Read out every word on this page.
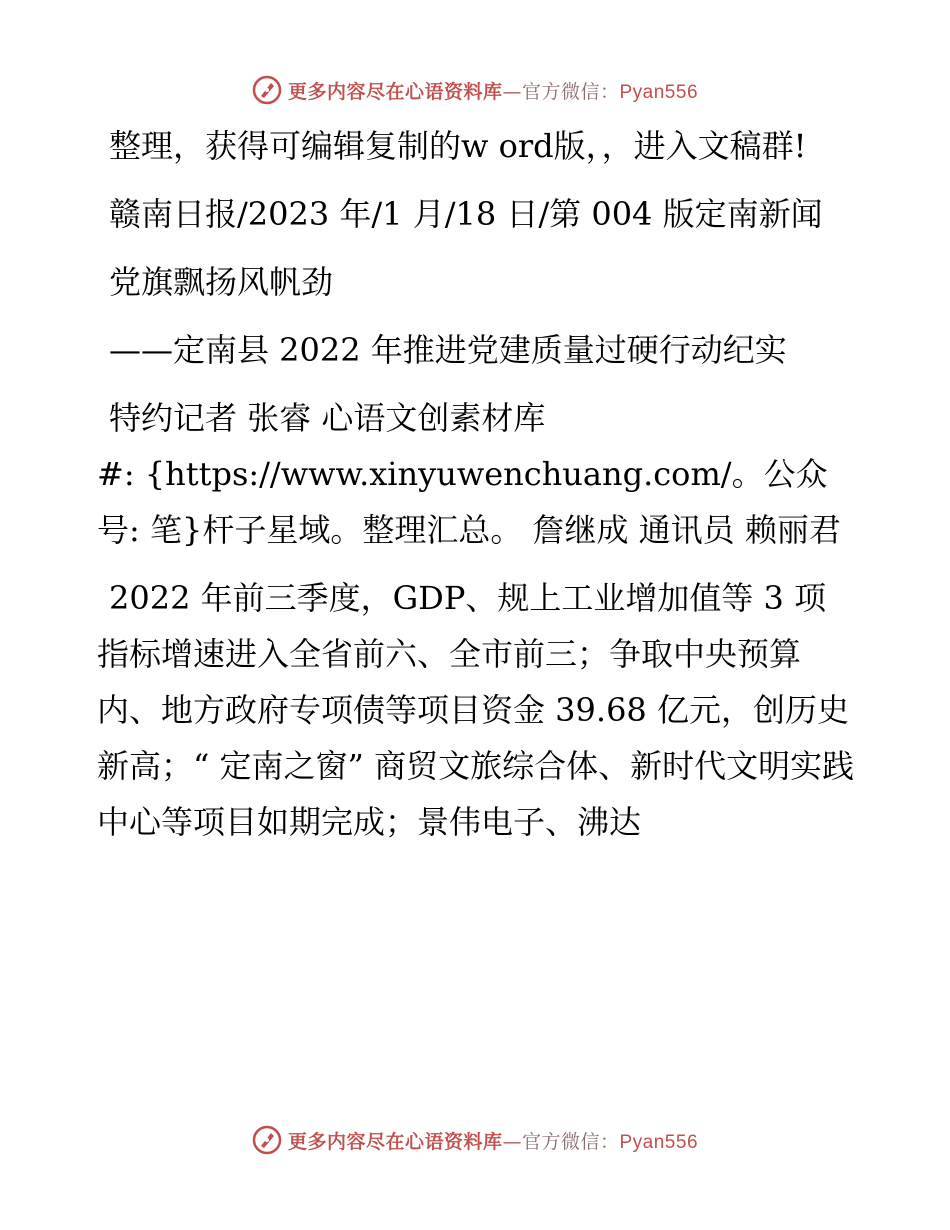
更多内容尽在心语资料库—官方微信：Pyan556

整理，获得可编辑复制的w ord版，，进入文稿群!

赣南日报/2023 年/1 月/18 日/第 004 版定南新闻

党旗飘扬风帆劲

——定南县 2022 年推进党建质量过硬行动纪实

特约记者 张睿 心语文创素材库

#: {https://www.xinyuwenchuang.com/。公众号: 笔}杆子星域。整理汇总。 詹继成 通讯员 赖丽君

2022 年前三季度，GDP、规上工业增加值等 3 项指标增速进入全省前六、全市前三；争取中央预算内、地方政府专项债等项目资金 39.68 亿元，创历史新高；“ 定南之窗” 商贸文旅综合体、新时代文明实践中心等项目如期完成；景伟电子、沸达

更多内容尽在心语资料库—官方微信：Pyan556
